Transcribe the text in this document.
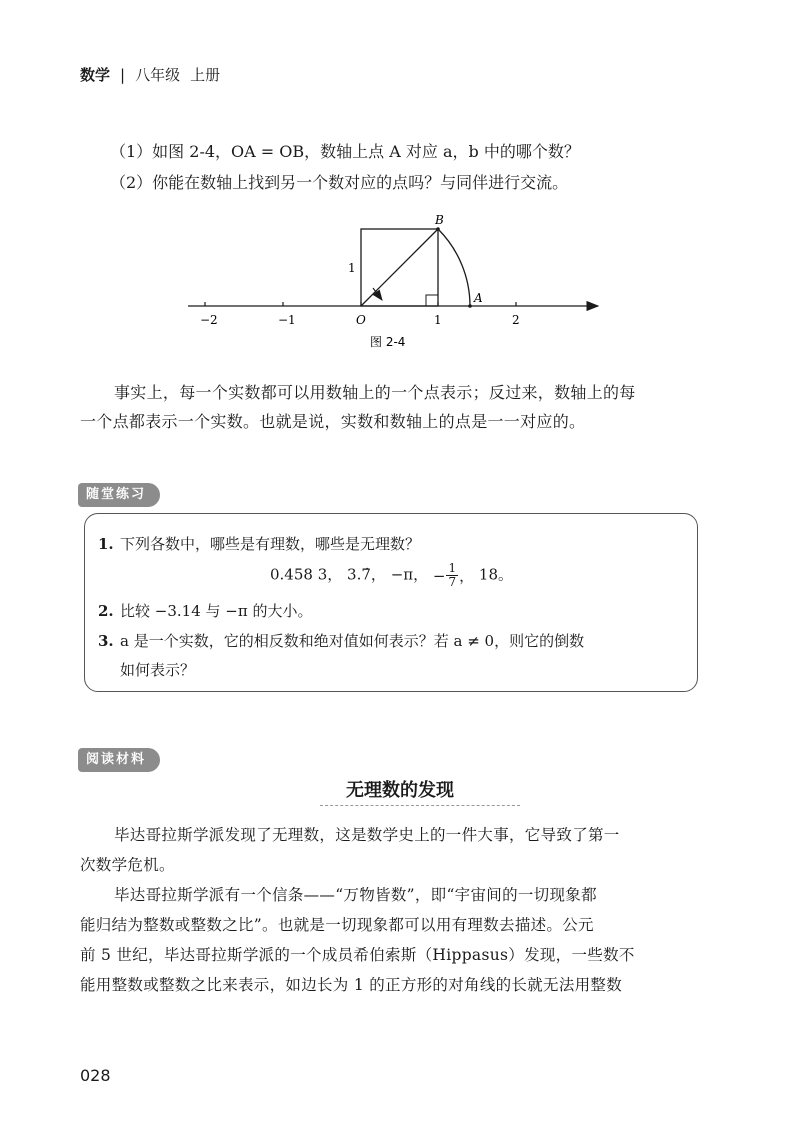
数学 | 八年级 上册
（1）如图 2-4，OA = OB，数轴上点 A 对应 a，b 中的哪个数？
（2）你能在数轴上找到另一个数对应的点吗？与同伴进行交流。
−2	−1	O	1	2
1
B
A
图 2-4
事实上，每一个实数都可以用数轴上的一个点表示；反过来，数轴上的每
一个点都表示一个实数。也就是说，实数和数轴上的点是一一对应的。
随堂练习
1. 下列各数中，哪些是有理数，哪些是无理数？
0.458 3， 3.7̇， −π， − $\frac{1}{7}$ ， 18。
2. 比较 −3.14 与 −π 的大小。
3. a 是一个实数，它的相反数和绝对值如何表示？若 a ≠ 0，则它的倒数
如何表示？
阅读材料
无理数的发现
毕达哥拉斯学派发现了无理数，这是数学史上的一件大事，它导致了第一
次数学危机。
毕达哥拉斯学派有一个信条——“万物皆数”，即“宇宙间的一切现象都
能归结为整数或整数之比”。也就是一切现象都可以用有理数去描述。公元
前 5 世纪，毕达哥拉斯学派的一个成员希伯索斯（Hippasus）发现，一些数不
能用整数或整数之比来表示，如边长为 1 的正方形的对角线的长就无法用整数
028
